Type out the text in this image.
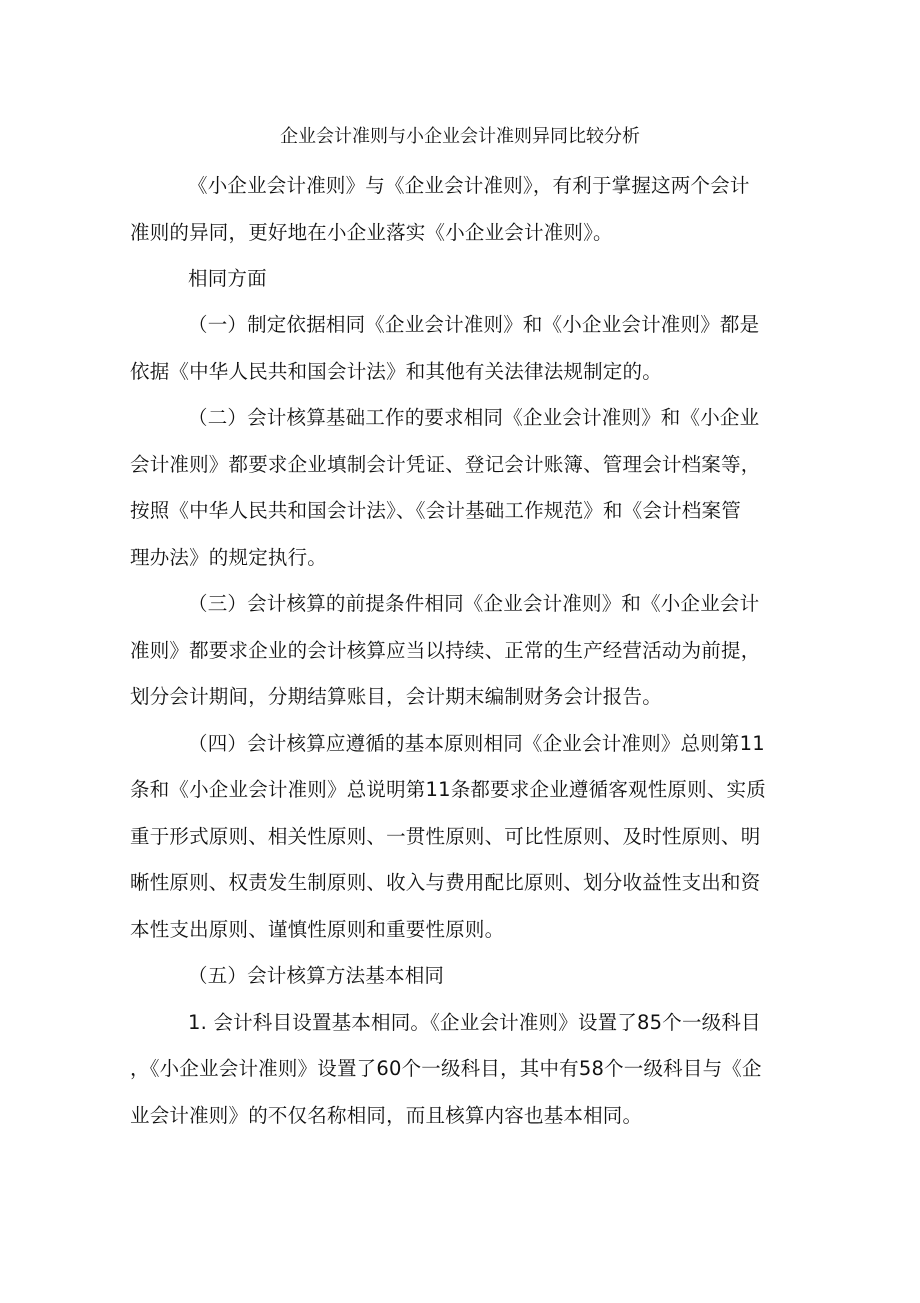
企业会计准则与小企业会计准则异同比较分析
《小企业会计准则》与《企业会计准则》，有利于掌握这两个会计
准则的异同，更好地在小企业落实《小企业会计准则》。
相同方面
（一）制定依据相同《企业会计准则》和《小企业会计准则》都是
依据《中华人民共和国会计法》和其他有关法律法规制定的。
（二）会计核算基础工作的要求相同《企业会计准则》和《小企业
会计准则》都要求企业填制会计凭证、登记会计账簿、管理会计档案等，
按照《中华人民共和国会计法》、《会计基础工作规范》和《会计档案管
理办法》的规定执行。
（三）会计核算的前提条件相同《企业会计准则》和《小企业会计
准则》都要求企业的会计核算应当以持续、正常的生产经营活动为前提，
划分会计期间，分期结算账目，会计期末编制财务会计报告。
（四）会计核算应遵循的基本原则相同《企业会计准则》总则第11
条和《小企业会计准则》总说明第11条都要求企业遵循客观性原则、实质
重于形式原则、相关性原则、一贯性原则、可比性原则、及时性原则、明
晰性原则、权责发生制原则、收入与费用配比原则、划分收益性支出和资
本性支出原则、谨慎性原则和重要性原则。
（五）会计核算方法基本相同
1. 会计科目设置基本相同。《企业会计准则》设置了85个一级科目
，《小企业会计准则》设置了60个一级科目，其中有58个一级科目与《企
业会计准则》的不仅名称相同，而且核算内容也基本相同。
